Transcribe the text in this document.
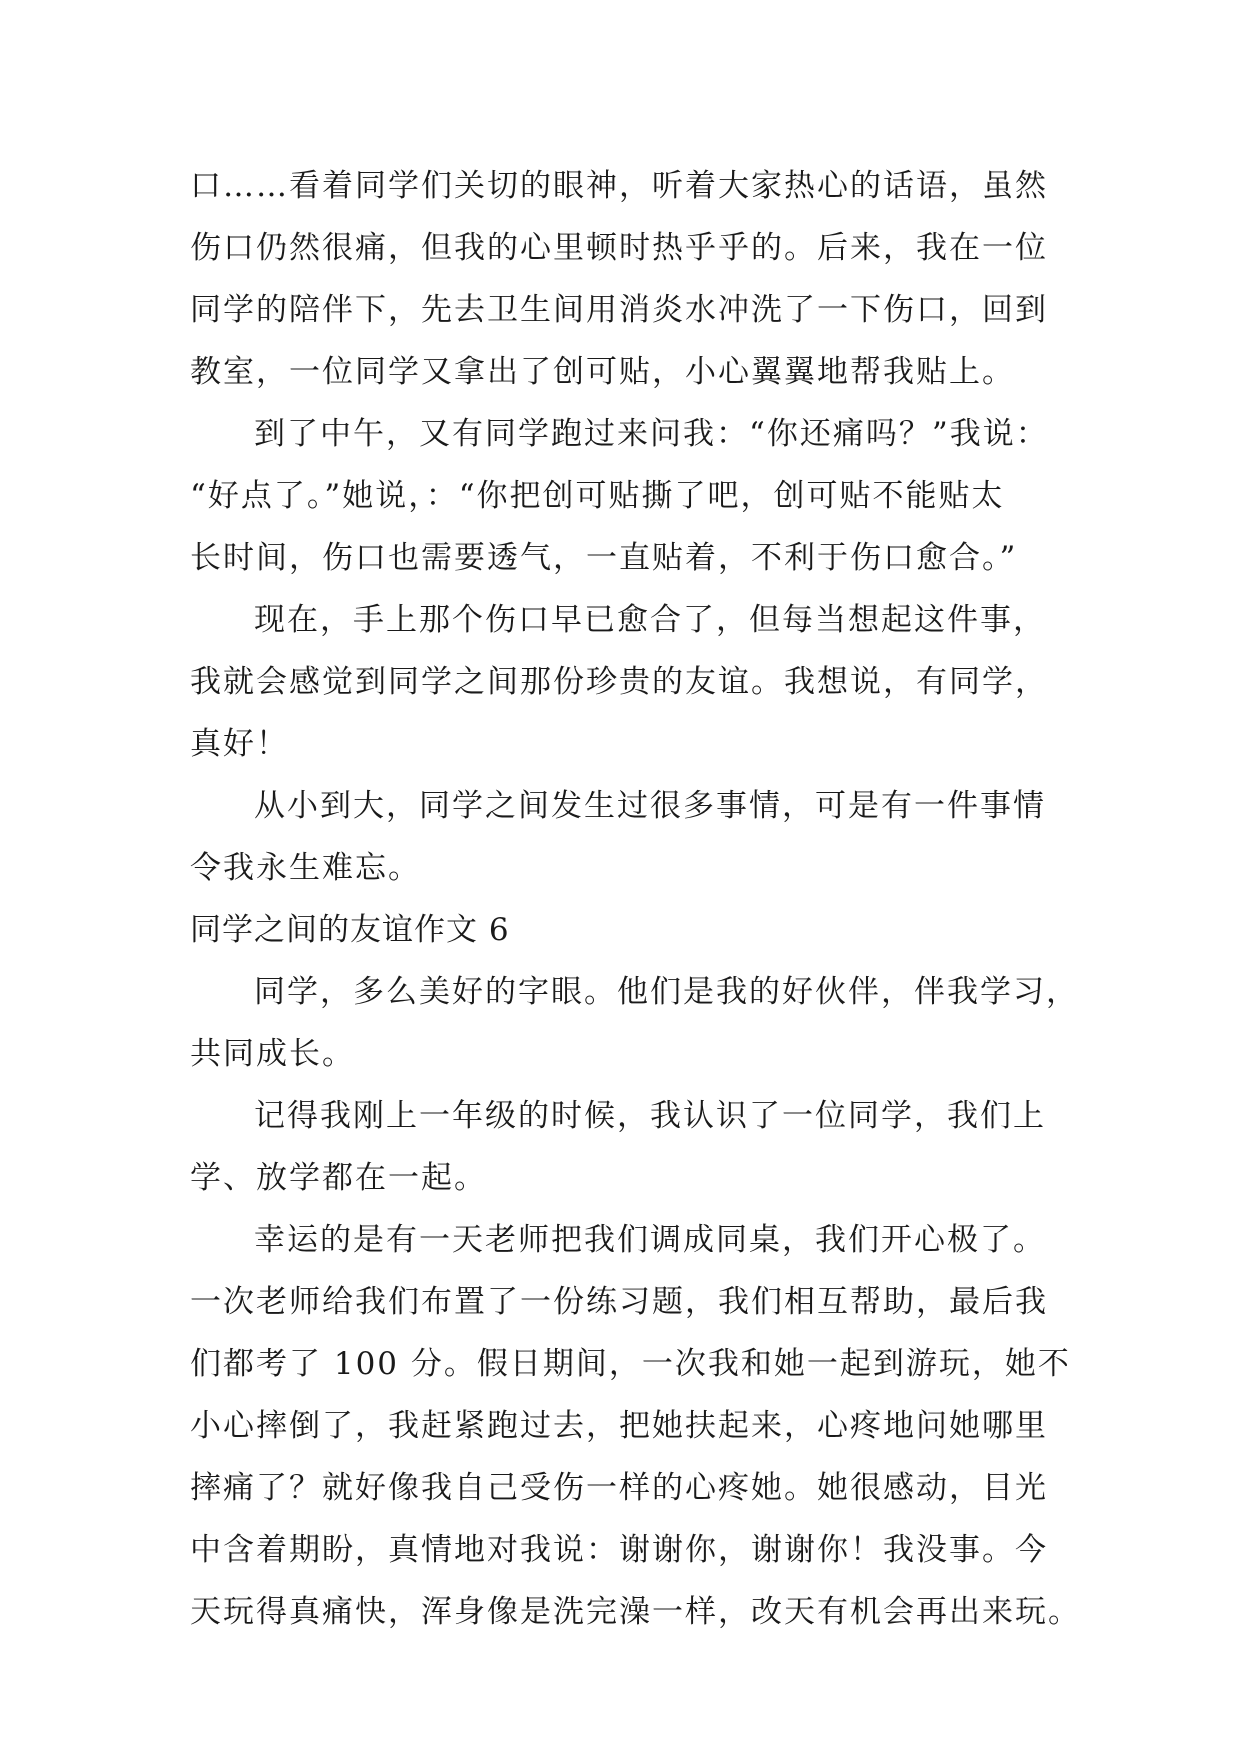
口……看着同学们关切的眼神，听着大家热心的话语，虽然
伤口仍然很痛，但我的心里顿时热乎乎的。后来，我在一位
同学的陪伴下，先去卫生间用消炎水冲洗了一下伤口，回到
教室，一位同学又拿出了创可贴，小心翼翼地帮我贴上。
到了中午，又有同学跑过来问我：“你还痛吗？”我说：
“好点了。”她说，：“你把创可贴撕了吧，创可贴不能贴太
长时间，伤口也需要透气，一直贴着，不利于伤口愈合。”
现在，手上那个伤口早已愈合了，但每当想起这件事，
我就会感觉到同学之间那份珍贵的友谊。我想说，有同学，
真好！
从小到大，同学之间发生过很多事情，可是有一件事情
令我永生难忘。
同学之间的友谊作文 6
同学，多么美好的字眼。他们是我的好伙伴，伴我学习，
共同成长。
记得我刚上一年级的时候，我认识了一位同学，我们上
学、放学都在一起。
幸运的是有一天老师把我们调成同桌，我们开心极了。
一次老师给我们布置了一份练习题，我们相互帮助，最后我
们都考了 100 分。假日期间，一次我和她一起到游玩，她不
小心摔倒了，我赶紧跑过去，把她扶起来，心疼地问她哪里
摔痛了？就好像我自己受伤一样的心疼她。她很感动，目光
中含着期盼，真情地对我说：谢谢你，谢谢你！我没事。今
天玩得真痛快，浑身像是洗完澡一样，改天有机会再出来玩。
